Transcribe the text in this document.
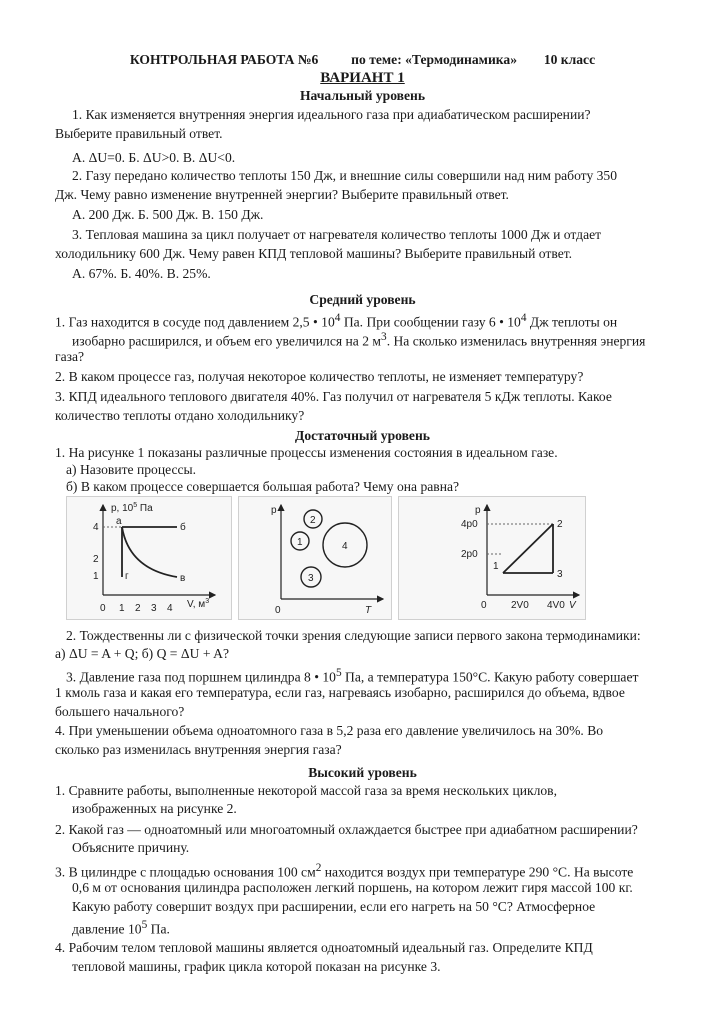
КОНТРОЛЬНАЯ РАБОТА №6 по теме: «Термодинамика» 10 класс
ВАРИАНТ 1
Начальный уровень
1. Как изменяется внутренняя энергия идеального газа при адиабатическом расширении?
Выберите правильный ответ.
А. ΔU=0. Б. ΔU>0. В. ΔU<0.
2. Газу передано количество теплоты 150 Дж, и внешние силы совершили над ним работу 350
Дж. Чему равно изменение внутренней энергии? Выберите правильный ответ.
А. 200 Дж. Б. 500 Дж. В. 150 Дж.
3. Тепловая машина за цикл получает от нагревателя количество теплоты 1000 Дж и отдает
холодильнику 600 Дж. Чему равен КПД тепловой машины? Выберите правильный ответ.
А. 67%. Б. 40%. В. 25%.
Средний уровень
1. Газ находится в сосуде под давлением 2,5 • $10^4$ Па. При сообщении газу 6 • $10^4$ Дж теплоты он
изобарно расширился, и объем его увеличился на 2 $м^3$. На сколько изменилась внутренняя энергия
газа?
2. В каком процессе газ, получая некоторое количество теплоты, не изменяет температуру?
3. КПД идеального теплового двигателя 40%. Газ получил от нагревателя 5 кДж теплоты. Какое
количество теплоты отдано холодильнику?
Достаточный уровень
1. На рисунке 1 показаны различные процессы изменения состояния в идеальном газе.
а) Назовите процессы.
б) В каком процессе совершается большая работа? Чему она равна?
p, $10^5$ Па
V, $м^3$
4
2
1
0 1 2 3 4
а
б
в
г
p
T
0
1
2
3
4
p
V
0
4p0
2p0
2V0 4V0
1
2
3
2. Тождественны ли с физической точки зрения следующие записи первого закона термодинамики:
а) ΔU = A + Q; б) Q = ΔU + A?
3. Давление газа под поршнем цилиндра 8 • $10^5$ Па, а температура 150°С. Какую работу совершает
1 кмоль газа и какая его температура, если газ, нагреваясь изобарно, расширился до объема, вдвое
большего начального?
4. При уменьшении объема одноатомного газа в 5,2 раза его давление увеличилось на 30%. Во
сколько раз изменилась внутренняя энергия газа?
Высокий уровень
1. Сравните работы, выполненные некоторой массой газа за время нескольких циклов,
изображенных на рисунке 2.
2. Какой газ — одноатомный или многоатомный охлаждается быстрее при адиабатном расширении?
Объясните причину.
3. В цилиндре с площадью основания 100 $см^2$ находится воздух при температуре 290 °С. На высоте
0,6 м от основания цилиндра расположен легкий поршень, на котором лежит гиря массой 100 кг.
Какую работу совершит воздух при расширении, если его нагреть на 50 °С? Атмосферное
давление $10^5$ Па.
4. Рабочим телом тепловой машины является одноатомный идеальный газ. Определите КПД
тепловой машины, график цикла которой показан на рисунке 3.
